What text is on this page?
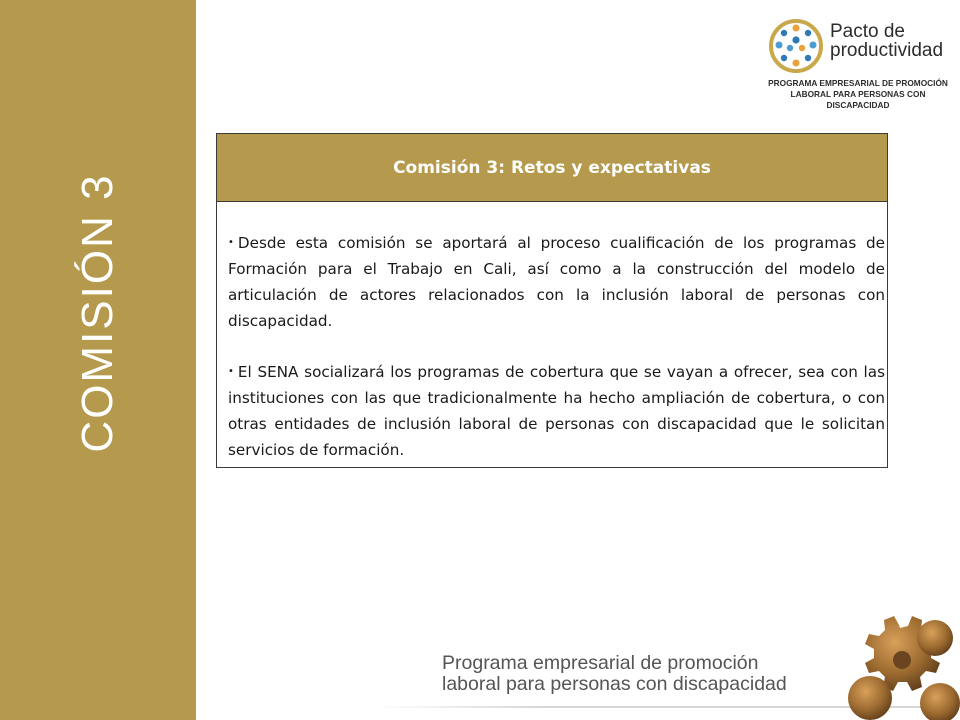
COMISIÓN 3
Pacto de
productividad
PROGRAMA EMPRESARIAL DE PROMOCIÓN
LABORAL PARA PERSONAS CON DISCAPACIDAD
Comisión 3: Retos y expectativas

• Desde esta comisión se aportará al proceso cualificación de los programas de Formación para el Trabajo en Cali, así como a la construcción del modelo de articulación de actores relacionados con la inclusión laboral de personas con discapacidad.

• El SENA socializará los programas de cobertura que se vayan a ofrecer, sea con las instituciones con las que tradicionalmente ha hecho ampliación de cobertura, o con otras entidades de inclusión laboral de personas con discapacidad que le solicitan servicios de formación.

Programa empresarial de promoción
laboral para personas con discapacidad
